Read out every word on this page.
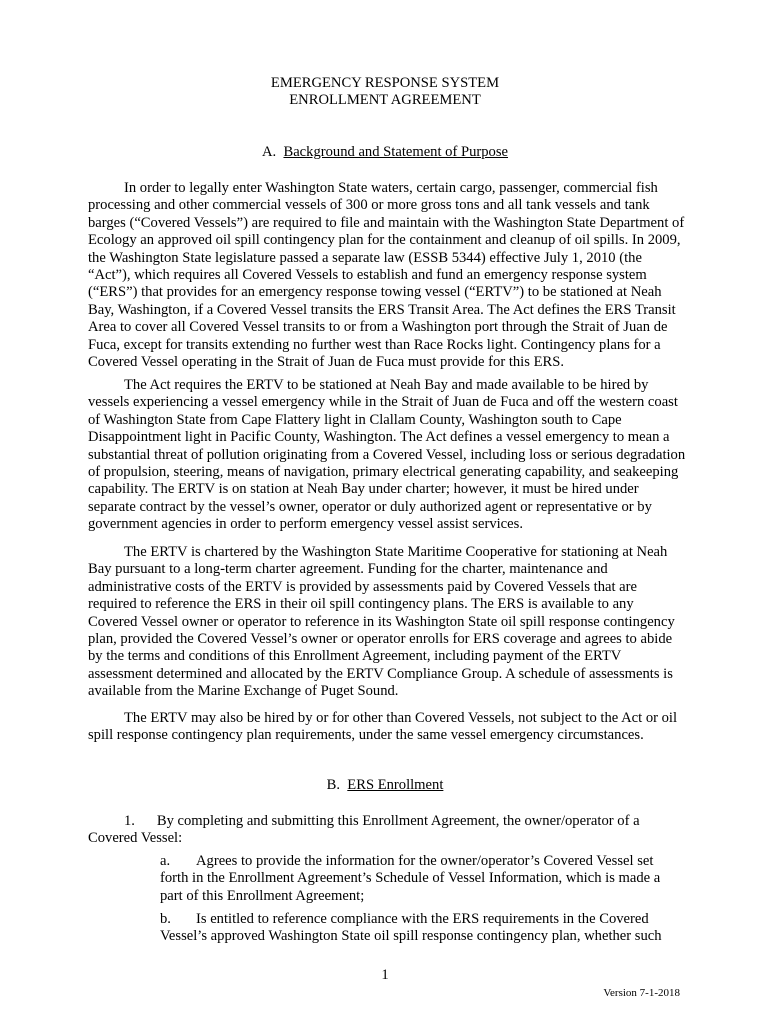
EMERGENCY RESPONSE SYSTEM
ENROLLMENT AGREEMENT
A. Background and Statement of Purpose

In order to legally enter Washington State waters, certain cargo, passenger, commercial fish processing and other commercial vessels of 300 or more gross tons and all tank vessels and tank barges (“Covered Vessels”) are required to file and maintain with the Washington State Department of Ecology an approved oil spill contingency plan for the containment and cleanup of oil spills. In 2009, the Washington State legislature passed a separate law (ESSB 5344) effective July 1, 2010 (the “Act”), which requires all Covered Vessels to establish and fund an emergency response system (“ERS”) that provides for an emergency response towing vessel (“ERTV”) to be stationed at Neah Bay, Washington, if a Covered Vessel transits the ERS Transit Area. The Act defines the ERS Transit Area to cover all Covered Vessel transits to or from a Washington port through the Strait of Juan de Fuca, except for transits extending no further west than Race Rocks light. Contingency plans for a Covered Vessel operating in the Strait of Juan de Fuca must provide for this ERS.

The Act requires the ERTV to be stationed at Neah Bay and made available to be hired by vessels experiencing a vessel emergency while in the Strait of Juan de Fuca and off the western coast of Washington State from Cape Flattery light in Clallam County, Washington south to Cape Disappointment light in Pacific County, Washington. The Act defines a vessel emergency to mean a substantial threat of pollution originating from a Covered Vessel, including loss or serious degradation of propulsion, steering, means of navigation, primary electrical generating capability, and seakeeping capability. The ERTV is on station at Neah Bay under charter; however, it must be hired under separate contract by the vessel’s owner, operator or duly authorized agent or representative or by government agencies in order to perform emergency vessel assist services.

The ERTV is chartered by the Washington State Maritime Cooperative for stationing at Neah Bay pursuant to a long-term charter agreement. Funding for the charter, maintenance and administrative costs of the ERTV is provided by assessments paid by Covered Vessels that are required to reference the ERS in their oil spill contingency plans. The ERS is available to any Covered Vessel owner or operator to reference in its Washington State oil spill response contingency plan, provided the Covered Vessel’s owner or operator enrolls for ERS coverage and agrees to abide by the terms and conditions of this Enrollment Agreement, including payment of the ERTV assessment determined and allocated by the ERTV Compliance Group. A schedule of assessments is available from the Marine Exchange of Puget Sound.

The ERTV may also be hired by or for other than Covered Vessels, not subject to the Act or oil spill response contingency plan requirements, under the same vessel emergency circumstances.

B. ERS Enrollment

1. By completing and submitting this Enrollment Agreement, the owner/operator of a Covered Vessel:

a. Agrees to provide the information for the owner/operator’s Covered Vessel set forth in the Enrollment Agreement’s Schedule of Vessel Information, which is made a part of this Enrollment Agreement;

b. Is entitled to reference compliance with the ERS requirements in the Covered Vessel’s approved Washington State oil spill response contingency plan, whether such

1
Version 7-1-2018
